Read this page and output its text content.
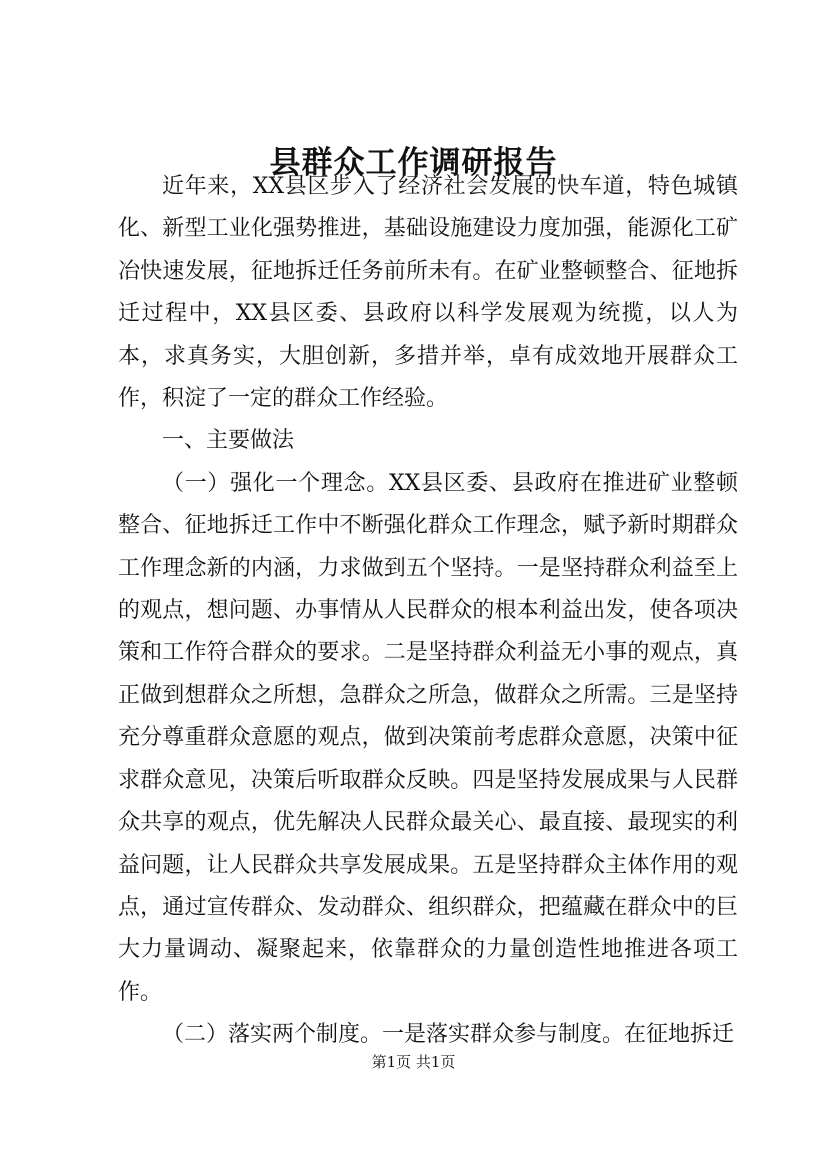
县群众工作调研报告

近年来，XX县区步入了经济社会发展的快车道，特色城镇化、新型工业化强势推进，基础设施建设力度加强，能源化工矿冶快速发展，征地拆迁任务前所未有。在矿业整顿整合、征地拆迁过程中，XX县区委、县政府以科学发展观为统揽，以人为本，求真务实，大胆创新，多措并举，卓有成效地开展群众工作，积淀了一定的群众工作经验。

一、主要做法

（一）强化一个理念。XX县区委、县政府在推进矿业整顿整合、征地拆迁工作中不断强化群众工作理念，赋予新时期群众工作理念新的内涵，力求做到五个坚持。一是坚持群众利益至上的观点，想问题、办事情从人民群众的根本利益出发，使各项决策和工作符合群众的要求。二是坚持群众利益无小事的观点，真正做到想群众之所想，急群众之所急，做群众之所需。三是坚持充分尊重群众意愿的观点，做到决策前考虑群众意愿，决策中征求群众意见，决策后听取群众反映。四是坚持发展成果与人民群众共享的观点，优先解决人民群众最关心、最直接、最现实的利益问题，让人民群众共享发展成果。五是坚持群众主体作用的观点，通过宣传群众、发动群众、组织群众，把蕴藏在群众中的巨大力量调动、凝聚起来，依靠群众的力量创造性地推进各项工作。

（二）落实两个制度。一是落实群众参与制度。在征地拆迁

第1页 共1页
